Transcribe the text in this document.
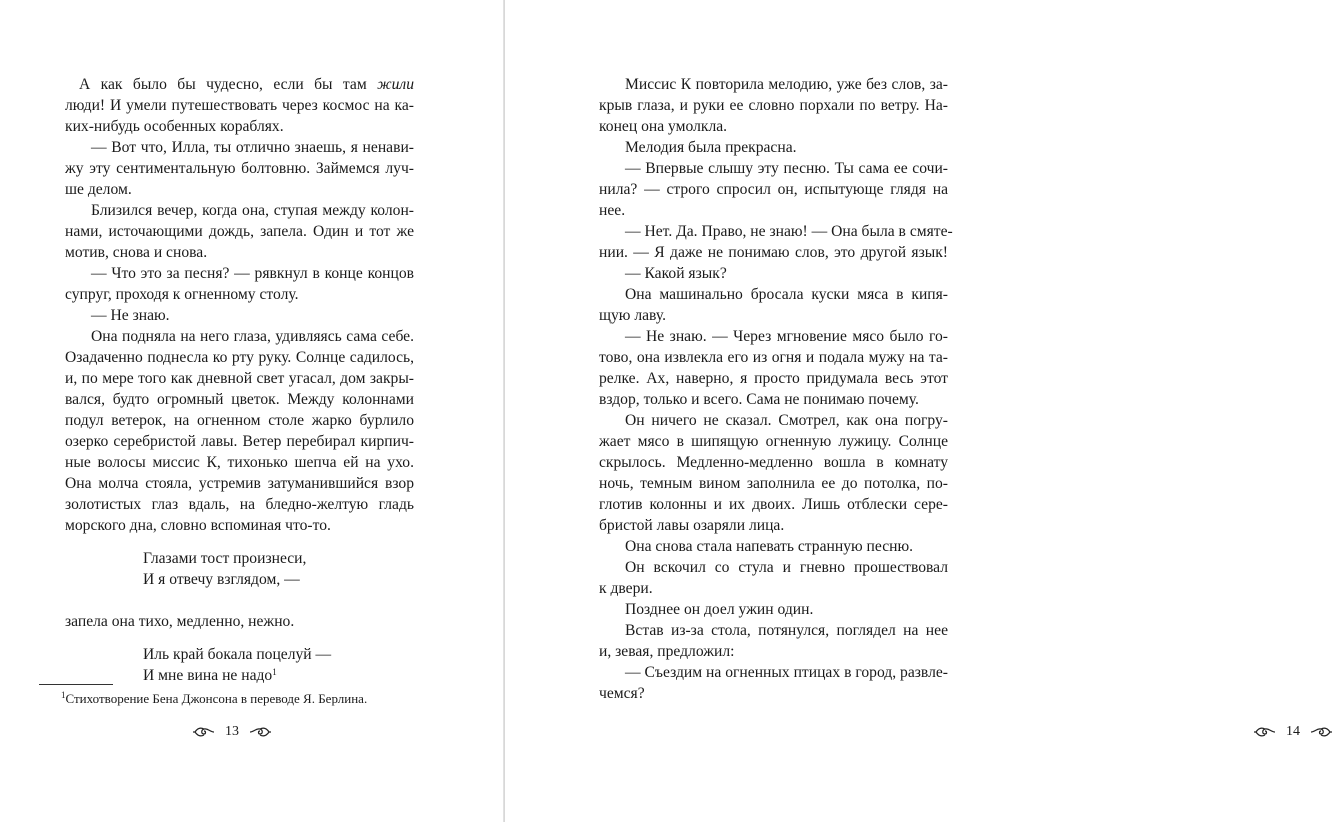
А как было бы чудесно, если бы там жили
люди! И умели путешествовать через космос на ка-
ких-нибудь особенных кораблях.
— Вот что, Илла, ты отлично знаешь, я ненави-
жу эту сентиментальную болтовню. Займемся луч-
ше делом.
Близился вечер, когда она, ступая между колон-
нами, источающими дождь, запела. Один и тот же
мотив, снова и снова.
— Что это за песня? — рявкнул в конце концов
супруг, проходя к огненному столу.
— Не знаю.
Она подняла на него глаза, удивляясь сама себе.
Озадаченно поднесла ко рту руку. Солнце садилось,
и, по мере того как дневной свет угасал, дом закры-
вался, будто огромный цветок. Между колоннами
подул ветерок, на огненном столе жарко бурлило
озерко серебристой лавы. Ветер перебирал кирпич-
ные волосы миссис К, тихонько шепча ей на ухо.
Она молча стояла, устремив затуманившийся взор
золотистых глаз вдаль, на бледно-желтую гладь
морского дна, словно вспоминая что-то.
Глазами тост произнеси,
И я отвечу взглядом, —
запела она тихо, медленно, нежно.
Иль край бокала поцелуй —
И мне вина не надо$^1$
$^1$Стихотворение Бена Джонсона в переводе Я. Берлина.
13
Миссис К повторила мелодию, уже без слов, за-
крыв глаза, и руки ее словно порхали по ветру. На-
конец она умолкла.
Мелодия была прекрасна.
— Впервые слышу эту песню. Ты сама ее сочи-
нила? — строго спросил он, испытующе глядя на
нее.
— Нет. Да. Право, не знаю! — Она была в смяте-
нии. — Я даже не понимаю слов, это другой язык!
— Какой язык?
Она машинально бросала куски мяса в кипя-
щую лаву.
— Не знаю. — Через мгновение мясо было го-
тово, она извлекла его из огня и подала мужу на та-
релке. Ах, наверно, я просто придумала весь этот
вздор, только и всего. Сама не понимаю почему.
Он ничего не сказал. Смотрел, как она погру-
жает мясо в шипящую огненную лужицу. Солнце
скрылось. Медленно-медленно вошла в комнату
ночь, темным вином заполнила ее до потолка, по-
глотив колонны и их двоих. Лишь отблески сере-
бристой лавы озаряли лица.
Она снова стала напевать странную песню.
Он вскочил со стула и гневно прошествовал
к двери.
Позднее он доел ужин один.
Встав из-за стола, потянулся, поглядел на нее
и, зевая, предложил:
— Съездим на огненных птицах в город, развле-
чемся?
14
